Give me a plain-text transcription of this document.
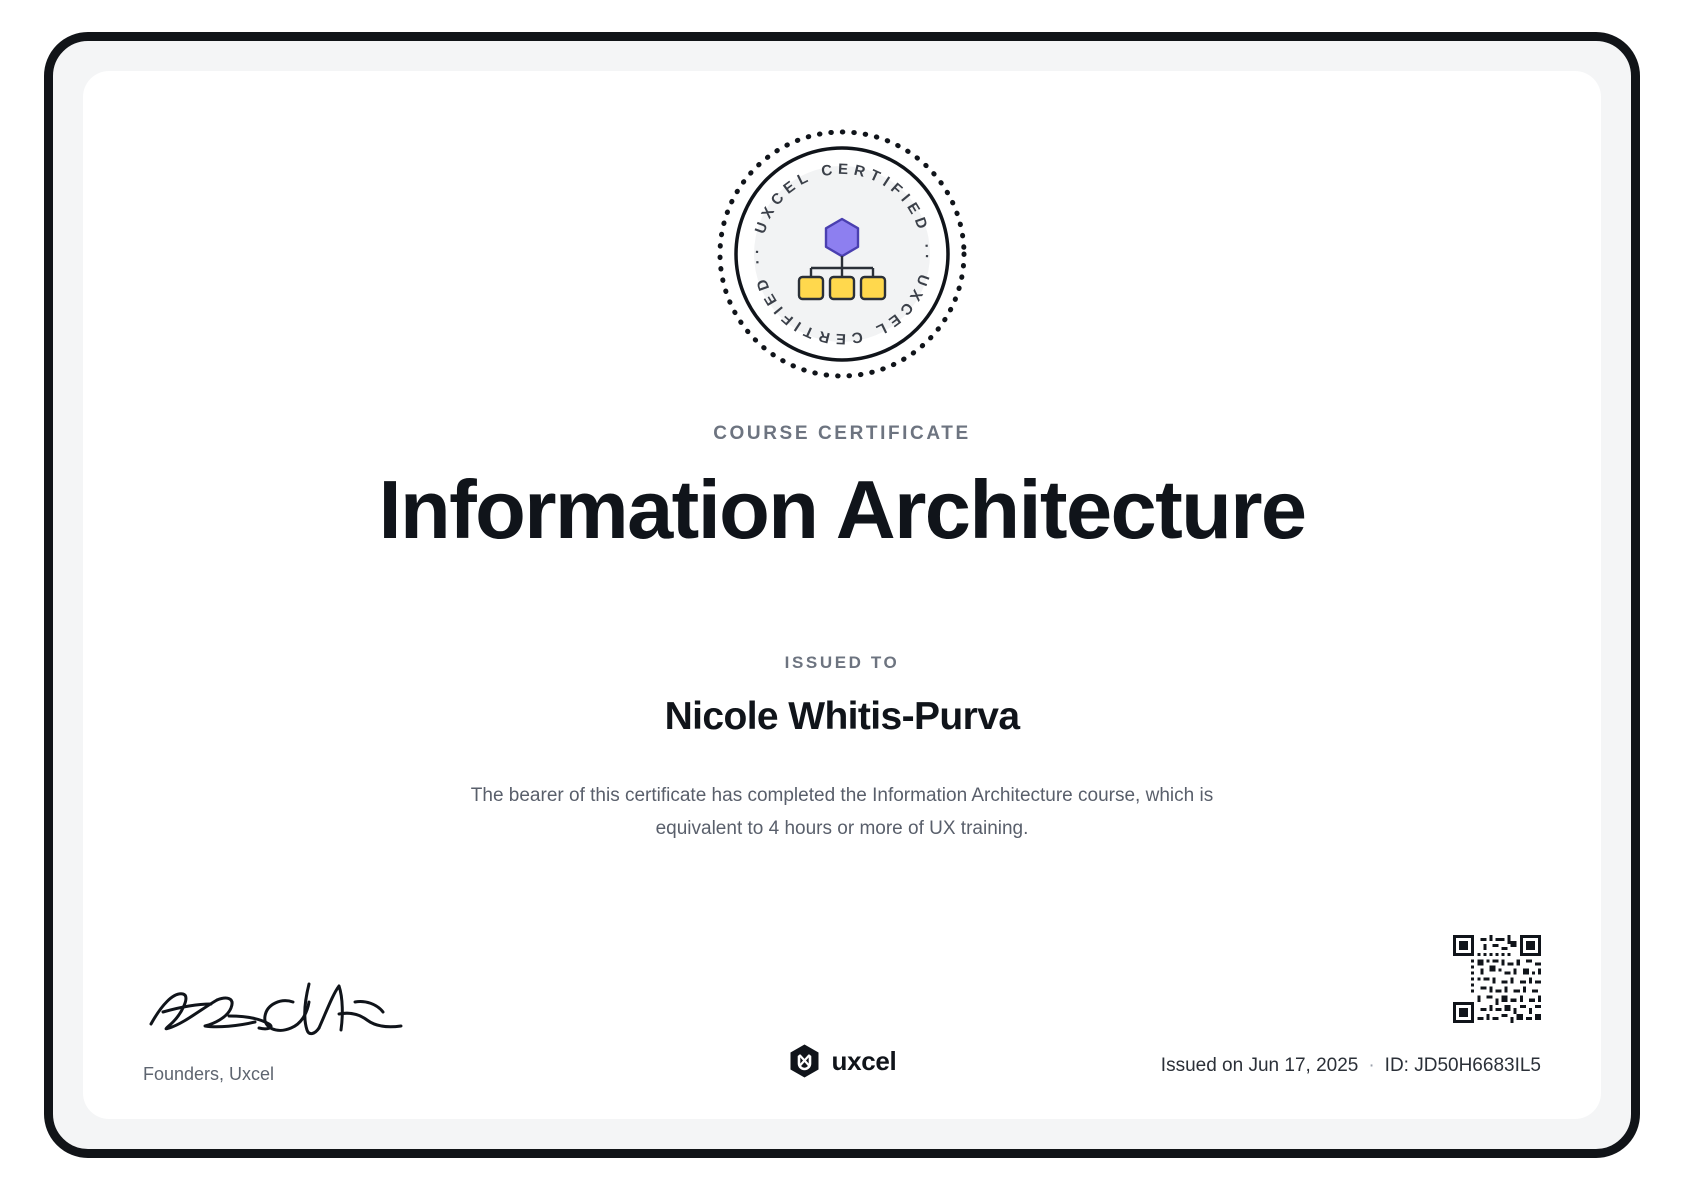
· UXCEL CERTIFIED ·
· UXCEL CERTIFIED ·
COURSE CERTIFICATE
Information Architecture
ISSUED TO
Nicole Whitis-Purva

The bearer of this certificate has completed the Information Architecture course, which is equivalent to 4 hours or more of UX training.

Founders, Uxcel	uxcel	Issued on Jun 17, 2025 · ID: JD50H6683IL5
